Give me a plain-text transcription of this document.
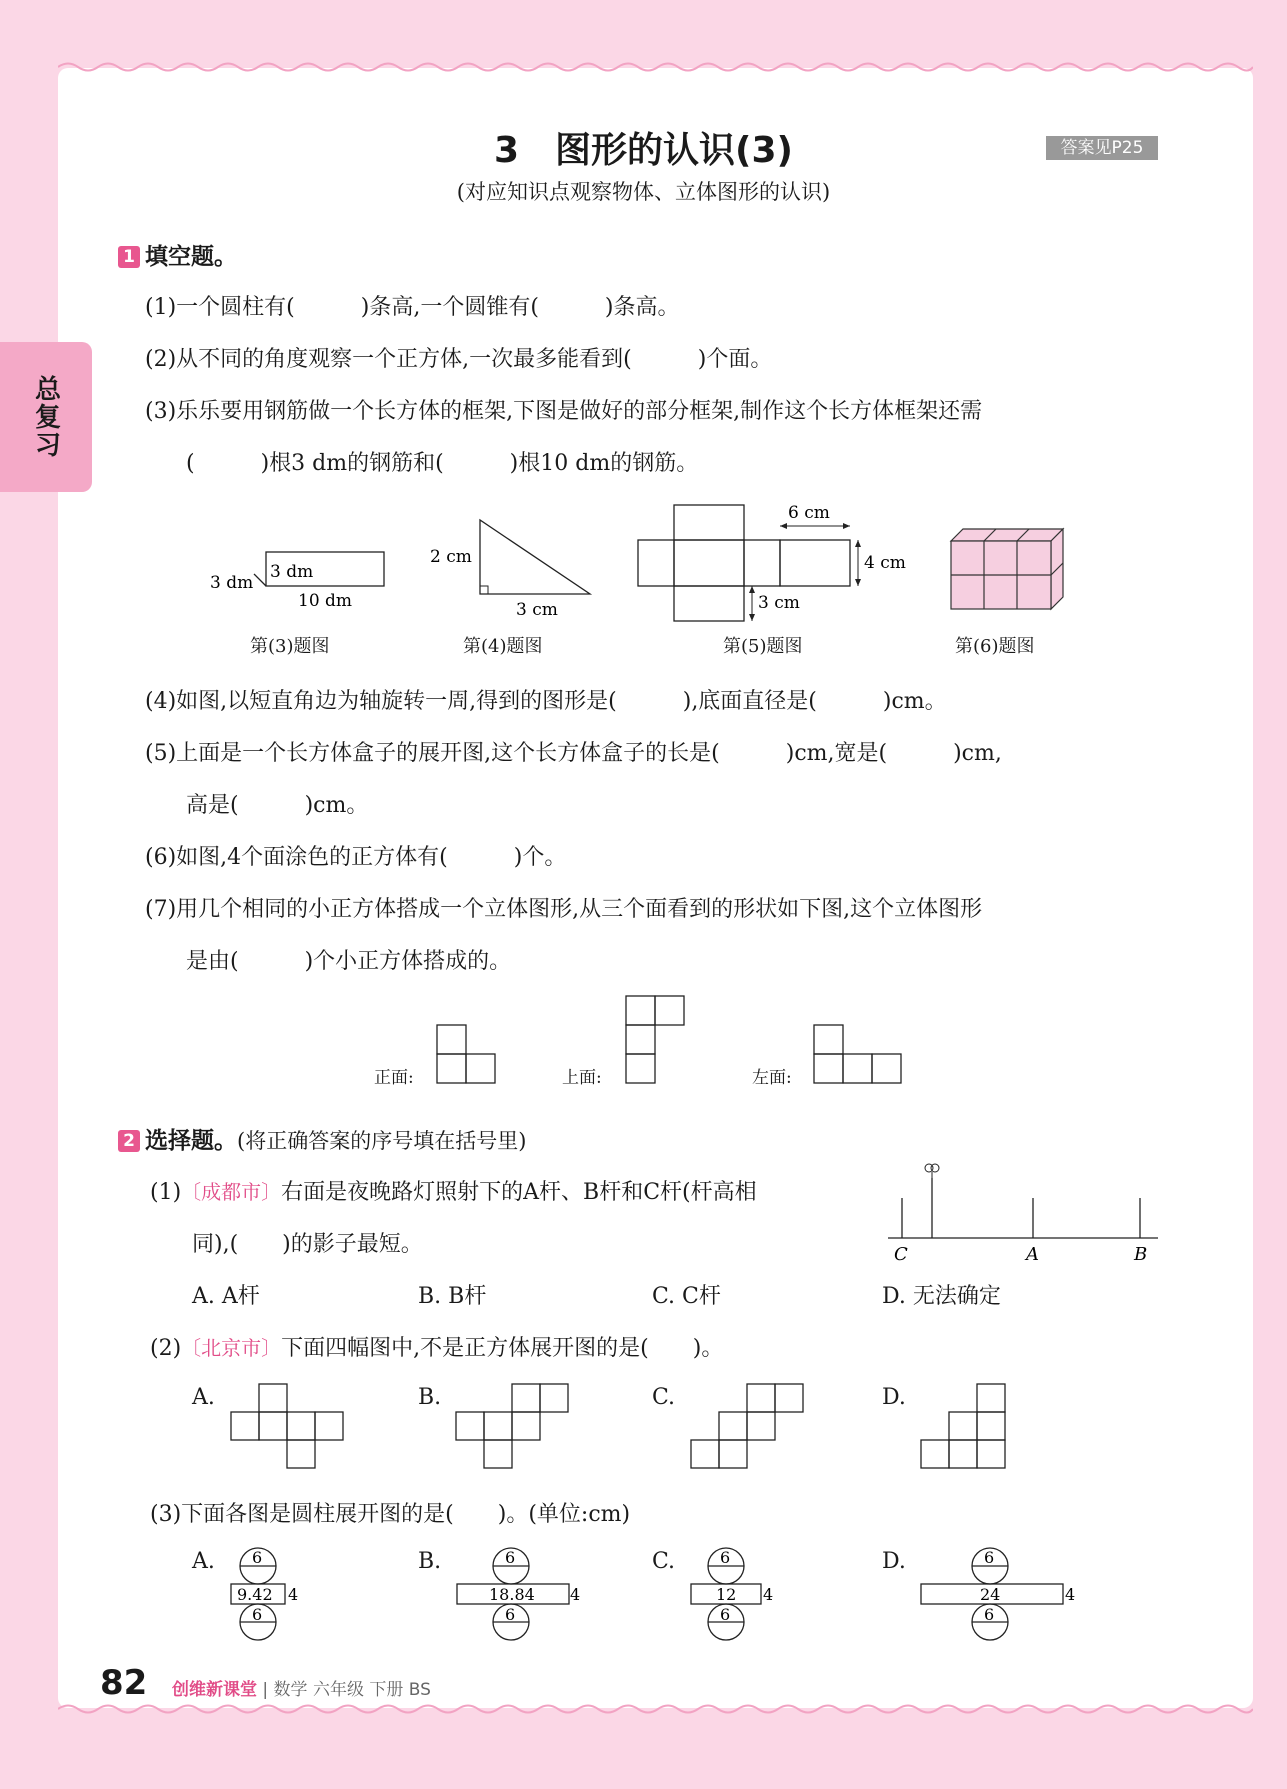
总复习
3　图形的认识(3)	答案见P25
(对应知识点观察物体、立体图形的认识)
1 填空题。
(1)一个圆柱有(　　　)条高,一个圆锥有(　　　)条高。
(2)从不同的角度观察一个正方体,一次最多能看到(　　　)个面。
(3)乐乐要用钢筋做一个长方体的框架,下图是做好的部分框架,制作这个长方体框架还需
(　　　)根3 dm的钢筋和(　　　)根10 dm的钢筋。
3 dm
3 dm
10 dm
第(3)题图
2 cm
3 cm
第(4)题图
6 cm
4 cm
3 cm
第(5)题图	第(6)题图
(4)如图,以短直角边为轴旋转一周,得到的图形是(　　　),底面直径是(　　　)cm。
(5)上面是一个长方体盒子的展开图,这个长方体盒子的长是(　　　)cm,宽是(　　　)cm,
高是(　　　)cm。
(6)如图,4个面涂色的正方体有(　　　)个。
(7)用几个相同的小正方体搭成一个立体图形,从三个面看到的形状如下图,这个立体图形
是由(　　　)个小正方体搭成的。
正面:	上面:	左面:
2 选择题。(将正确答案的序号填在括号里)
(1)〔成都市〕右面是夜晚路灯照射下的A杆、B杆和C杆(杆高相
同),(　　)的影子最短。	C	A	B
A. A杆	B. B杆	C. C杆	D. 无法确定
(2)〔北京市〕下面四幅图中,不是正方体展开图的是(　　)。
A.	B.	C.	D.
(3)下面各图是圆柱展开图的是(　　)。(单位:cm)
A. 6
9.42 4
6
B.	6
18.84 4
6
C.	6
12 4
6
D.	6
24	4
6
82 创维新课堂 | 数学 六年级 下册 BS
